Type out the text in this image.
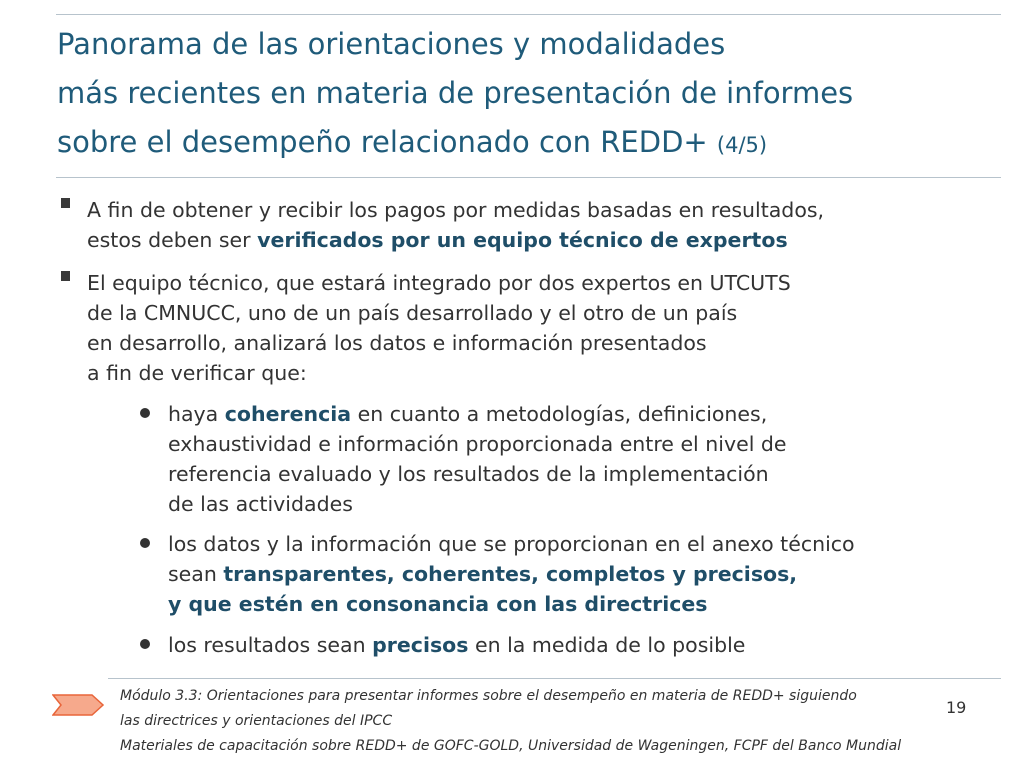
Panorama de las orientaciones y modalidades
más recientes en materia de presentación de informes
sobre el desempeño relacionado con REDD+ (4/5)
A fin de obtener y recibir los pagos por medidas basadas en resultados,
estos deben ser verificados por un equipo técnico de expertos
El equipo técnico, que estará integrado por dos expertos en UTCUTS
de la CMNUCC, uno de un país desarrollado y el otro de un país
en desarrollo, analizará los datos e información presentados
a fin de verificar que:
haya coherencia en cuanto a metodologías, definiciones,
exhaustividad e información proporcionada entre el nivel de
referencia evaluado y los resultados de la implementación
de las actividades
los datos y la información que se proporcionan en el anexo técnico
sean transparentes, coherentes, completos y precisos,
y que estén en consonancia con las directrices
los resultados sean precisos en la medida de lo posible
Módulo 3.3: Orientaciones para presentar informes sobre el desempeño en materia de REDD+ siguiendo
las directrices y orientaciones del IPCC
Materiales de capacitación sobre REDD+ de GOFC-GOLD, Universidad de Wageningen, FCPF del Banco Mundial
19
